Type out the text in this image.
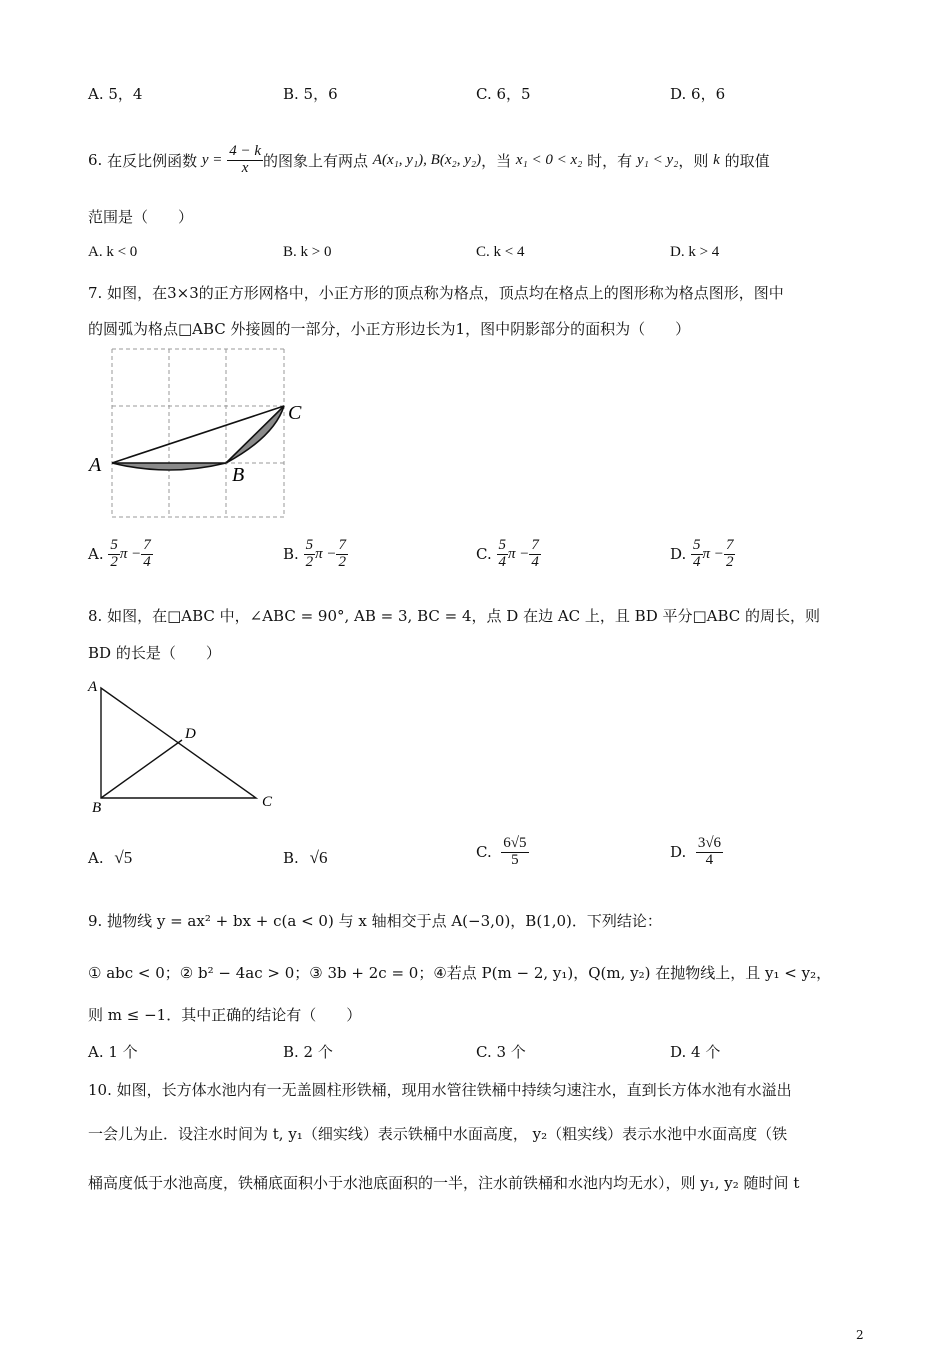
A. 5，4	B. 5，6	C. 6，5	D. 6，6
6.
在反比例函数
y =
$\frac{4 - k}{x}$ 的图象上有两点
A(x₁, y₁), B(x₂, y₂) ，当
x₁ < 0 < x₂
时，有
y₁ < y₂ ，则
k
的取值
范围是（　　）
A. k < 0	B. k > 0	C. k < 4	D. k > 4
7. 如图，在3×3的正方形网格中，小正方形的顶点称为格点，顶点均在格点上的图形称为格点图形，图中
的圆弧为格点□ABC 外接圆的一部分，小正方形边长为1，图中阴影部分的面积为（　　）
A	B
C
A.
$\frac{5}{2}$ $\pi - \frac{7}{4}$	B.
$\frac{5}{2}$ $\pi - \frac{7}{2}$	C.
$\frac{5}{4}$ $\pi - \frac{7}{4}$	D.
$\frac{5}{4}$ $\pi - \frac{7}{2}$
8. 如图，在□ABC 中，∠ABC = 90°, AB = 3, BC = 4，点 D 在边 AC 上，且 BD 平分□ABC 的周长，则
BD 的长是（　　）
A
B	C
D
A. √5	B. √6	C.
$\frac{6√5}{5}$	D.
$\frac{3√6}{4}$
9. 抛物线 y = ax² + bx + c(a < 0) 与 x 轴相交于点 A(−3,0)，B(1,0)．下列结论：
① abc < 0；② b² − 4ac > 0；③ 3b + 2c = 0；④若点 P(m − 2, y₁)，Q(m, y₂) 在抛物线上，且 y₁ < y₂，
则 m ≤ −1．其中正确的结论有（　　）
A. 1 个	B. 2 个	C. 3 个	D. 4 个
10. 如图，长方体水池内有一无盖圆柱形铁桶，现用水管往铁桶中持续匀速注水，直到长方体水池有水溢出
一会儿为止．设注水时间为 t, y₁（细实线）表示铁桶中水面高度， y₂（粗实线）表示水池中水面高度（铁
桶高度低于水池高度，铁桶底面积小于水池底面积的一半，注水前铁桶和水池内均无水），则 y₁, y₂ 随时间 t
2
